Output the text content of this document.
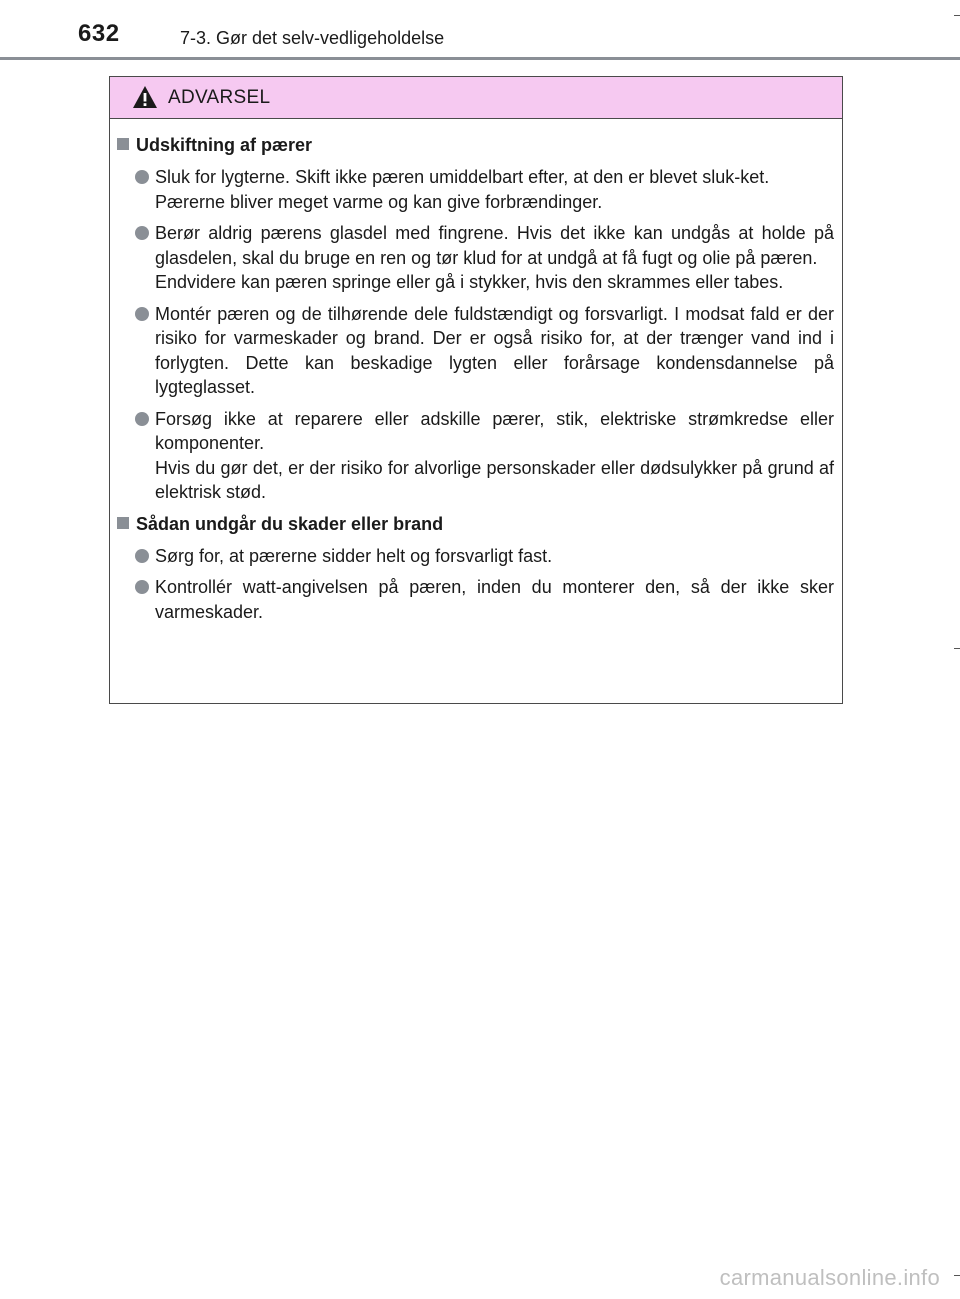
632	7-3. Gør det selv-vedligeholdelse
ADVARSEL
Udskiftning af pærer
Sluk for lygterne. Skift ikke pæren umiddelbart efter, at den er blevet sluk-ket.
Pærerne bliver meget varme og kan give forbrændinger.
Berør aldrig pærens glasdel med fingrene. Hvis det ikke kan undgås at holde på glasdelen, skal du bruge en ren og tør klud for at undgå at få fugt og olie på pæren.
Endvidere kan pæren springe eller gå i stykker, hvis den skrammes eller tabes.
Montér pæren og de tilhørende dele fuldstændigt og forsvarligt. I modsat fald er der risiko for varmeskader og brand. Der er også risiko for, at der trænger vand ind i forlygten. Dette kan beskadige lygten eller forårsage kondensdannelse på lygteglasset.
Forsøg ikke at reparere eller adskille pærer, stik, elektriske strømkredse eller komponenter.
Hvis du gør det, er der risiko for alvorlige personskader eller dødsulykker på grund af elektrisk stød.
Sådan undgår du skader eller brand
Sørg for, at pærerne sidder helt og forsvarligt fast.
Kontrollér watt-angivelsen på pæren, inden du monterer den, så der ikke sker varmeskader.
carmanualsonline.info
